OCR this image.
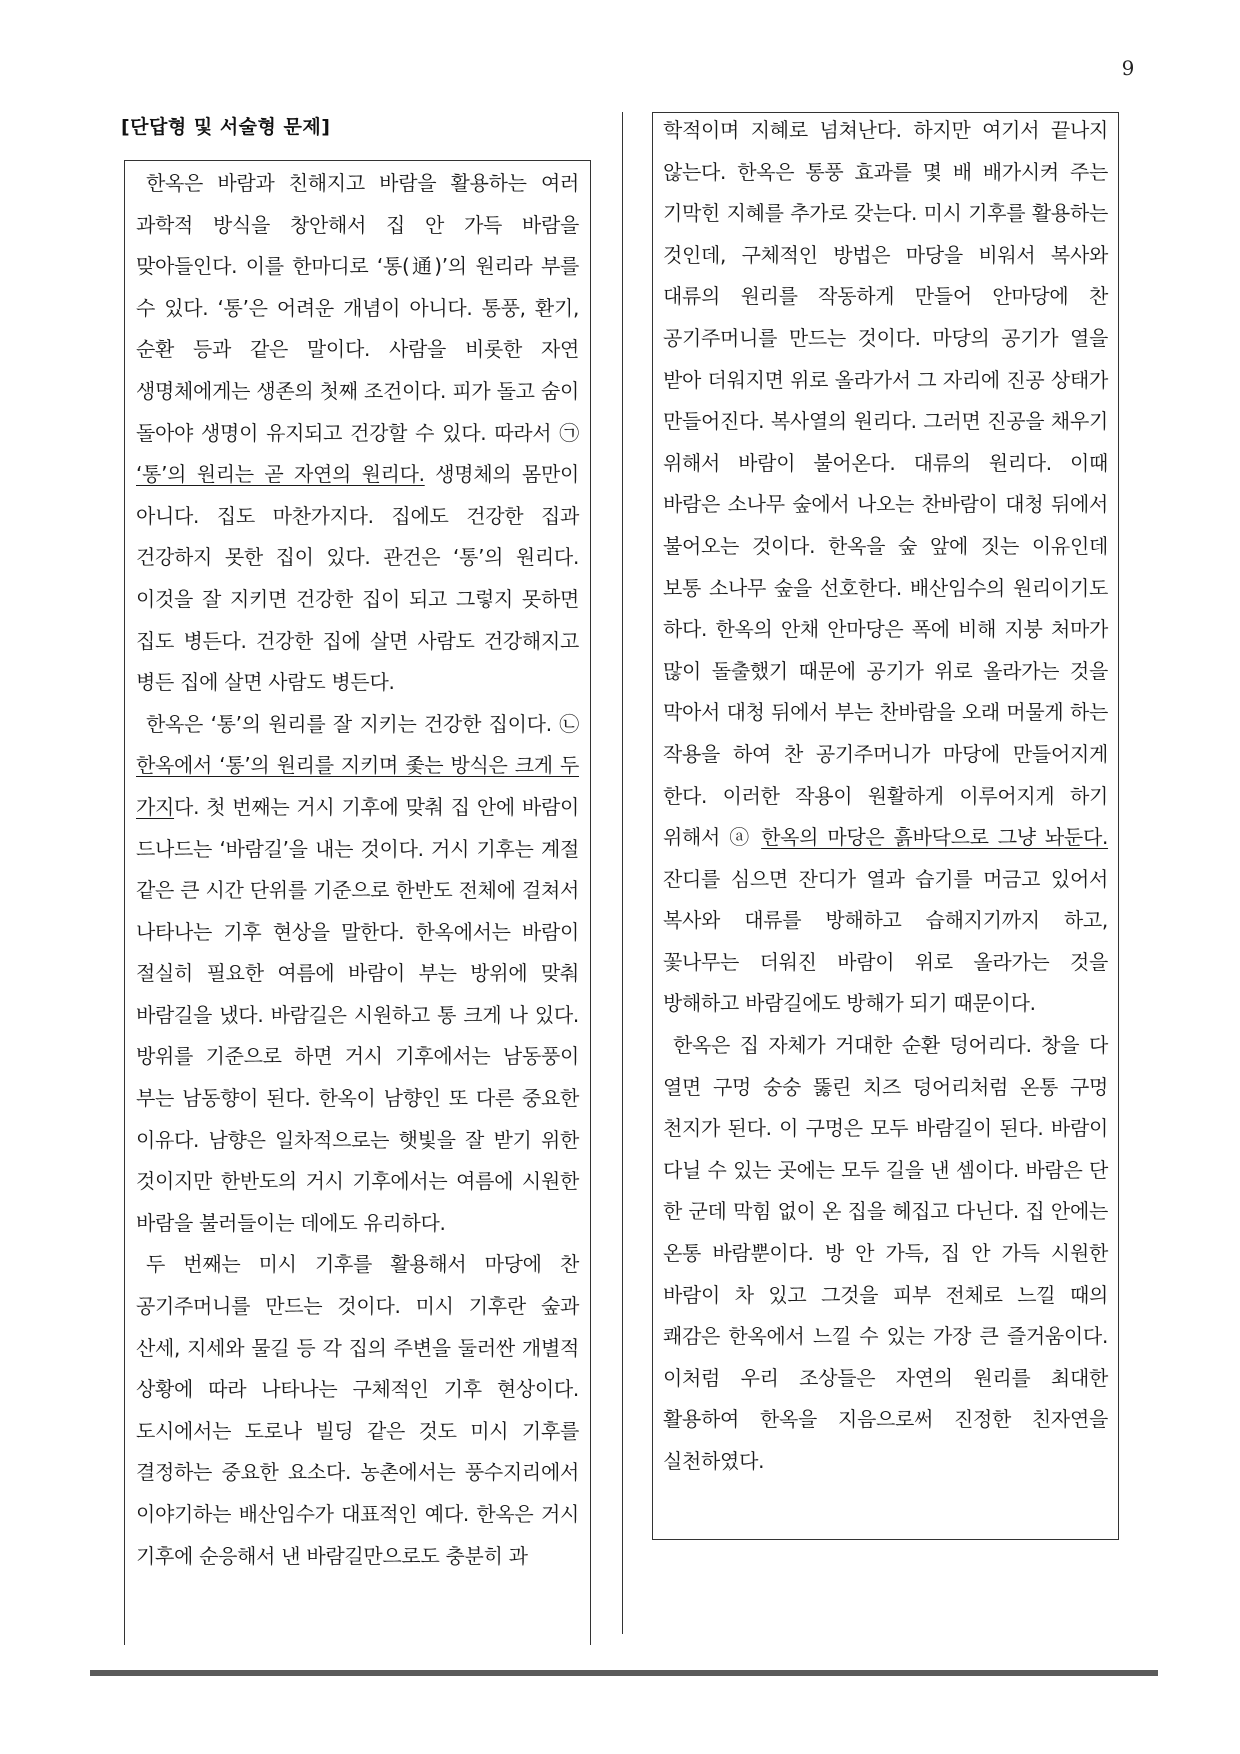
9
[단답형 및 서술형 문제]

한옥은 바람과 친해지고 바람을 활용하는 여러 과학적 방식을 창안해서 집 안 가득 바람을 맞아들인다. 이를 한마디로 ‘통(通)’의 원리라 부를 수 있다. ‘통’은 어려운 개념이 아니다. 통풍, 환기, 순환 등과 같은 말이다. 사람을 비롯한 자연 생명체에게는 생존의 첫째 조건이다. 피가 돌고 숨이 돌아야 생명이 유지되고 건강할 수 있다. 따라서 ㉠ ‘통’의 원리는 곧 자연의 원리다. 생명체의 몸만이 아니다. 집도 마찬가지다. 집에도 건강한 집과 건강하지 못한 집이 있다. 관건은 ‘통’의 원리다. 이것을 잘 지키면 건강한 집이 되고 그렇지 못하면 집도 병든다. 건강한 집에 살면 사람도 건강해지고 병든 집에 살면 사람도 병든다.

한옥은 ‘통’의 원리를 잘 지키는 건강한 집이다. ㉡한옥에서 ‘통’의 원리를 지키며 좇는 방식은 크게 두 가지다. 첫 번째는 거시 기후에 맞춰 집 안에 바람이 드나드는 ‘바람길’을 내는 것이다. 거시 기후는 계절 같은 큰 시간 단위를 기준으로 한반도 전체에 걸쳐서 나타나는 기후 현상을 말한다. 한옥에서는 바람이 절실히 필요한 여름에 바람이 부는 방위에 맞춰 바람길을 냈다. 바람길은 시원하고 통 크게 나 있다. 방위를 기준으로 하면 거시 기후에서는 남동풍이 부는 남동향이 된다. 한옥이 남향인 또 다른 중요한 이유다. 남향은 일차적으로는 햇빛을 잘 받기 위한 것이지만 한반도의 거시 기후에서는 여름에 시원한 바람을 불러들이는 데에도 유리하다.

두 번째는 미시 기후를 활용해서 마당에 찬 공기주머니를 만드는 것이다. 미시 기후란 숲과 산세, 지세와 물길 등 각 집의 주변을 둘러싼 개별적 상황에 따라 나타나는 구체적인 기후 현상이다. 도시에서는 도로나 빌딩 같은 것도 미시 기후를 결정하는 중요한 요소다. 농촌에서는 풍수지리에서 이야기하는 배산임수가 대표적인 예다. 한옥은 거시 기후에 순응해서 낸 바람길만으로도 충분히 과

학적이며 지혜로 넘쳐난다. 하지만 여기서 끝나지 않는다. 한옥은 통풍 효과를 몇 배 배가시켜 주는 기막힌 지혜를 추가로 갖는다. 미시 기후를 활용하는 것인데, 구체적인 방법은 마당을 비워서 복사와 대류의 원리를 작동하게 만들어 안마당에 찬 공기주머니를 만드는 것이다. 마당의 공기가 열을 받아 더워지면 위로 올라가서 그 자리에 진공 상태가 만들어진다. 복사열의 원리다. 그러면 진공을 채우기 위해서 바람이 불어온다. 대류의 원리다. 이때 바람은 소나무 숲에서 나오는 찬바람이 대청 뒤에서 불어오는 것이다. 한옥을 숲 앞에 짓는 이유인데 보통 소나무 숲을 선호한다. 배산임수의 원리이기도 하다. 한옥의 안채 안마당은 폭에 비해 지붕 처마가 많이 돌출했기 때문에 공기가 위로 올라가는 것을 막아서 대청 뒤에서 부는 찬바람을 오래 머물게 하는 작용을 하여 찬 공기주머니가 마당에 만들어지게 한다. 이러한 작용이 원활하게 이루어지게 하기 위해서 ⓐ 한옥의 마당은 흙바닥으로 그냥 놔둔다. 잔디를 심으면 잔디가 열과 습기를 머금고 있어서 복사와 대류를 방해하고 습해지기까지 하고, 꽃나무는 더워진 바람이 위로 올라가는 것을 방해하고 바람길에도 방해가 되기 때문이다.

한옥은 집 자체가 거대한 순환 덩어리다. 창을 다 열면 구멍 숭숭 뚫린 치즈 덩어리처럼 온통 구멍 천지가 된다. 이 구멍은 모두 바람길이 된다. 바람이 다닐 수 있는 곳에는 모두 길을 낸 셈이다. 바람은 단 한 군데 막힘 없이 온 집을 헤집고 다닌다. 집 안에는 온통 바람뿐이다. 방 안 가득, 집 안 가득 시원한 바람이 차 있고 그것을 피부 전체로 느낄 때의 쾌감은 한옥에서 느낄 수 있는 가장 큰 즐거움이다. 이처럼 우리 조상들은 자연의 원리를 최대한 활용하여 한옥을 지음으로써 진정한 친자연을 실천하였다.
